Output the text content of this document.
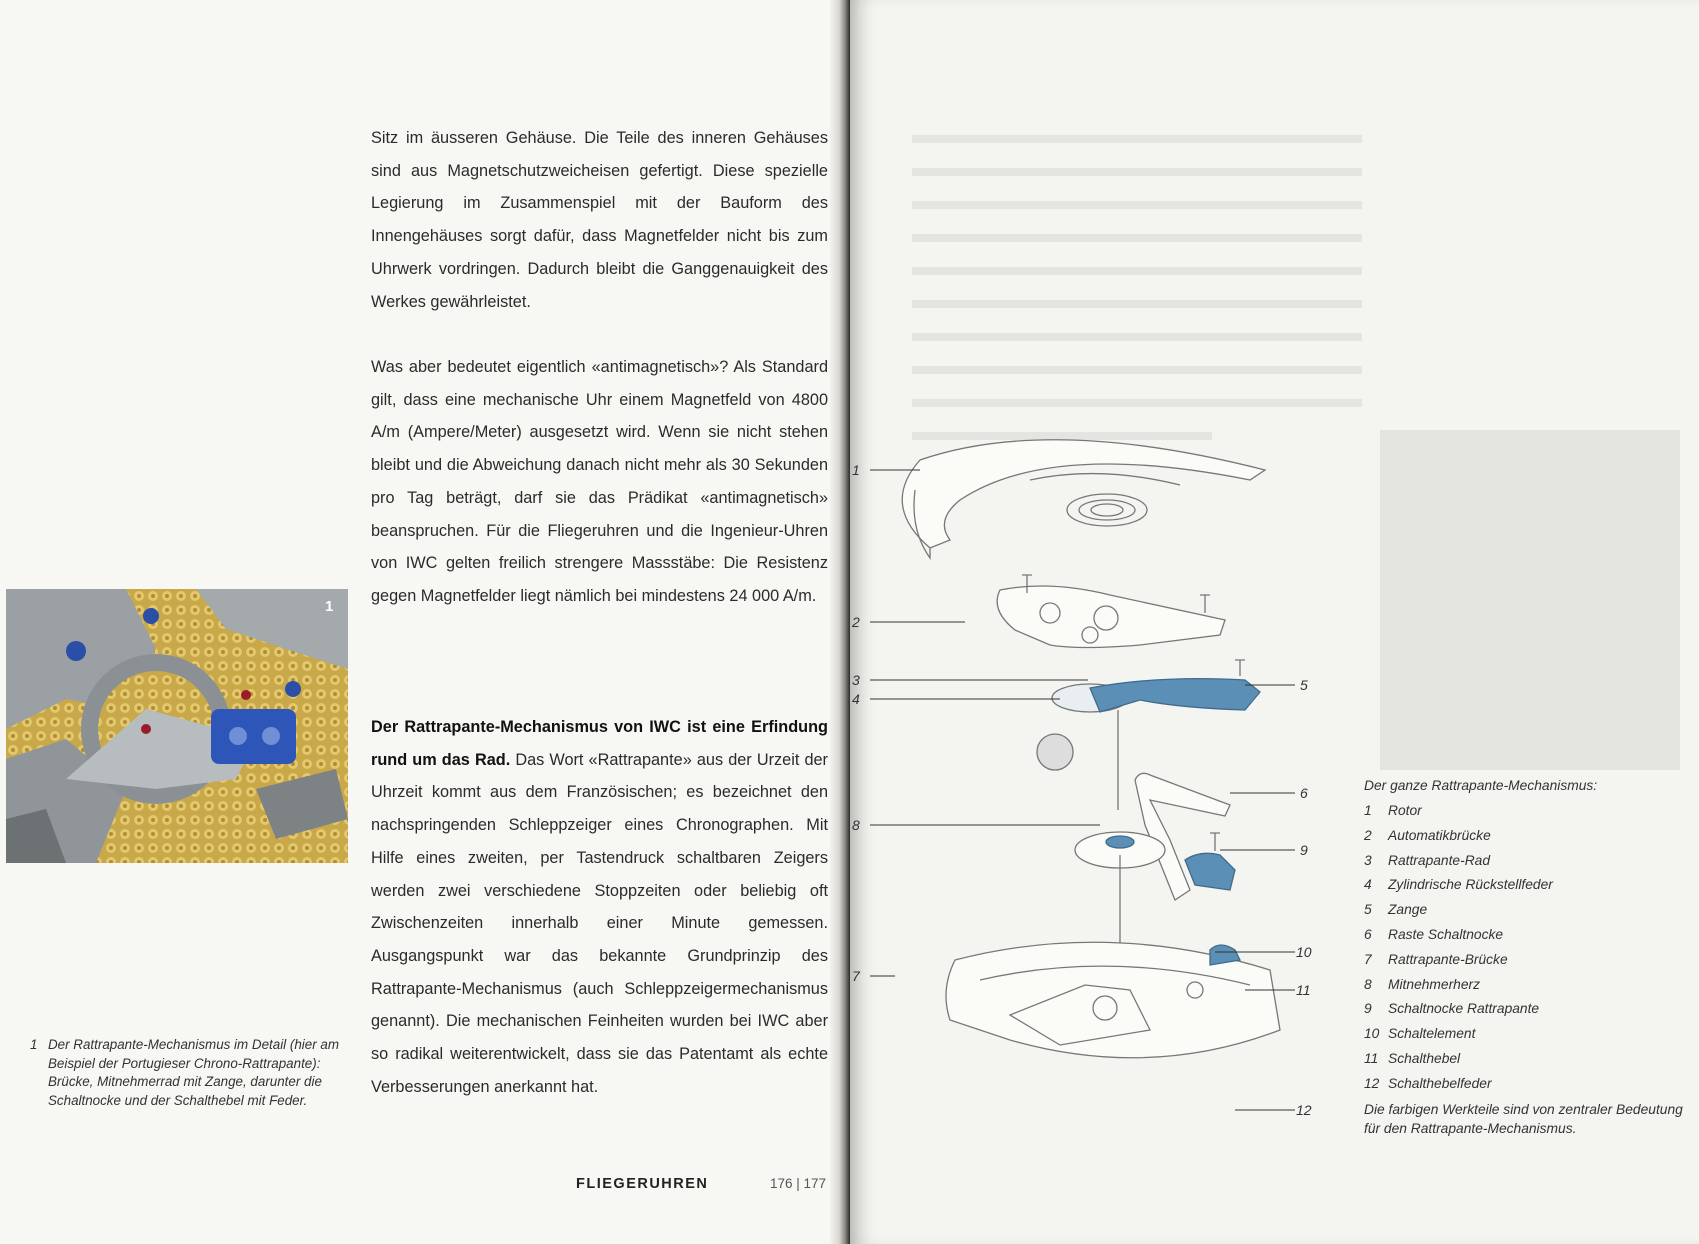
Sitz im äusseren Gehäuse. Die Teile des inneren Gehäuses sind aus Magnetschutzweicheisen gefertigt. Diese spezielle Legierung im Zusammenspiel mit der Bauform des Innengehäuses sorgt dafür, dass Magnetfelder nicht bis zum Uhrwerk vordringen. Dadurch bleibt die Ganggenauigkeit des Werkes gewährleistet.

Was aber bedeutet eigentlich «antimagnetisch»? Als Standard gilt, dass eine mechanische Uhr einem Magnetfeld von 4800 A/m (Ampere/Meter) ausgesetzt wird. Wenn sie nicht stehen bleibt und die Abweichung danach nicht mehr als 30 Sekunden pro Tag beträgt, darf sie das Prädikat «antimagnetisch» beanspruchen. Für die Fliegeruhren und die Ingenieur-Uhren von IWC gelten freilich strengere Massstäbe: Die Resistenz gegen Magnetfelder liegt nämlich bei mindestens 24 000 A/m.

Der Rattrapante-Mechanismus von IWC ist eine Erfindung rund um das Rad. Das Wort «Rattrapante» aus der Urzeit der Uhrzeit kommt aus dem Französischen; es bezeichnet den nachspringenden Schleppzeiger eines Chronographen. Mit Hilfe eines zweiten, per Tastendruck schaltbaren Zeigers werden zwei verschiedene Stoppzeiten oder beliebig oft Zwischenzeiten innerhalb einer Minute gemessen. Ausgangspunkt war das bekannte Grundprinzip des Rattrapante-Mechanismus (auch Schleppzeigermechanismus genannt). Die mechanischen Feinheiten wurden bei IWC aber so radikal weiterentwickelt, dass sie das Patentamt als echte Verbesserungen anerkannt hat.

1
1 Der Rattrapante-Mechanismus im Detail (hier am Beispiel der Portugieser Chrono-Rattrapante): Brücke, Mitnehmerrad mit Zange, darunter die Schaltnocke und der Schalthebel mit Feder.
FLIEGERUHREN	176 | 177
1
2
3
4
5
6
7
8
9
10
11
12
Der ganze Rattrapante-Mechanismus:
1	Rotor
2	Automatikbrücke
3	Rattrapante-Rad
4	Zylindrische Rückstellfeder
5	Zange
6	Raste Schaltnocke
7	Rattrapante-Brücke
8	Mitnehmerherz
9	Schaltnocke Rattrapante
10 Schaltelement
11 Schalthebel
12 Schalthebelfeder
Die farbigen Werkteile sind von zentraler Bedeutung für den Rattrapante-Mechanismus.
